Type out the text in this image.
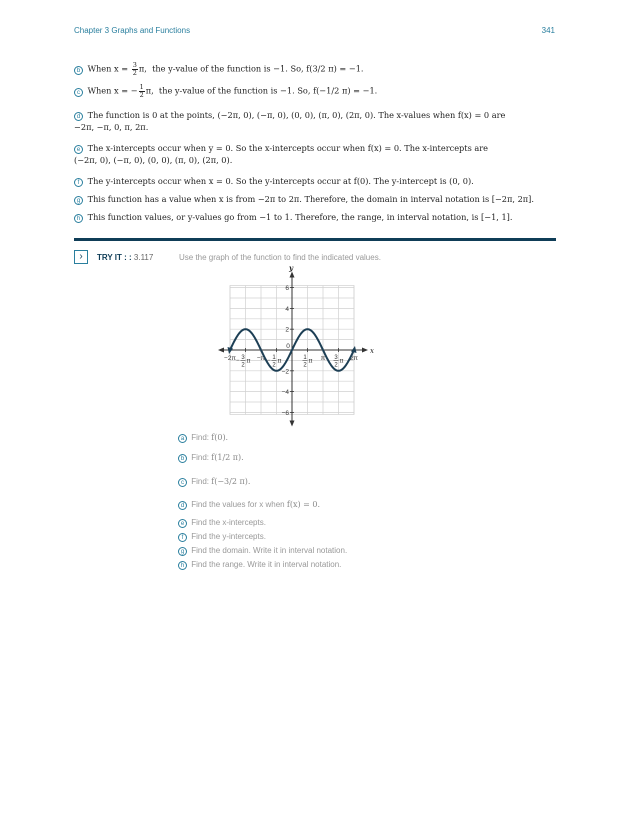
Chapter 3 Graphs and Functions	341
b When $x = \frac{3}{2} \pi$, the y-value of the function is −1. So, f(3/2 π) = −1.
c When x = − $\frac{1}{2} \pi$, the y-value of the function is −1. So, f(−1/2 π) = −1.
d The function is 0 at the points, (−2π, 0), (−π, 0), (0, 0), (π, 0), (2π, 0). The x-values when f(x) = 0 are
−2π, −π, 0, π, 2π.
e The x-intercepts occur when y = 0. So the x-intercepts occur when f(x) = 0. The x-intercepts are
(−2π, 0), (−π, 0), (0, 0), (π, 0), (2π, 0).
f The y-intercepts occur when x = 0. So the y-intercepts occur at f(0). The y-intercept is (0, 0).
g This function has a value when x is from −2π to 2π. Therefore, the domain in interval notation is [−2π, 2π].
h This function values, or y-values go from −1 to 1. Therefore, the range, in interval notation, is [−1, 1].
›	TRY IT : : 3.117	Use the graph of the function to find the indicated values.
x
y
6
4
2
−2
−4
−6
−2π − 3
2
π −π − 1
2
π
0
1
2
π π 3
2
π 2π
a Find: f(0).
b Find: f(1/2 π).
c Find: f(−3/2 π).
d Find the values for x when f(x) = 0.
e Find the x-intercepts.
f Find the y-intercepts.
g Find the domain. Write it in interval notation.
h Find the range. Write it in interval notation.
